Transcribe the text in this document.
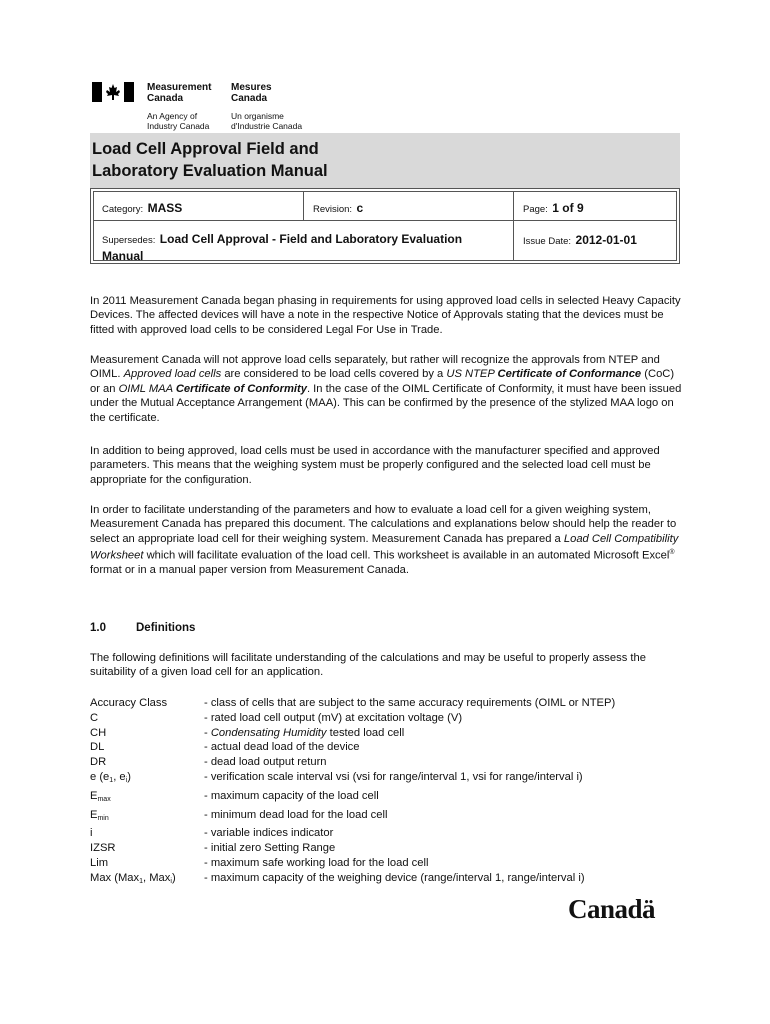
Measurement
Canada
Mesures
Canada
An Agency of
Industry Canada
Un organisme
d'Industrie Canada
Load Cell Approval Field and
Laboratory Evaluation Manual
Category: MASS	Revision: c	Page: 1 of 9
Supersedes: Load Cell Approval - Field and Laboratory Evaluation
Manual
Issue Date: 2012-01-01

In 2011 Measurement Canada began phasing in requirements for using approved load cells in selected Heavy Capacity Devices. The affected devices will have a note in the respective Notice of Approvals stating that the devices must be fitted with approved load cells to be considered Legal For Use in Trade.

Measurement Canada will not approve load cells separately, but rather will recognize the approvals from NTEP and OIML. Approved load cells are considered to be load cells covered by a US NTEP Certificate of Conformance (CoC) or an OIML MAA Certificate of Conformity. In the case of the OIML Certificate of Conformity, it must have been issued under the Mutual Acceptance Arrangement (MAA). This can be confirmed by the presence of the stylized MAA logo on the certificate.

In addition to being approved, load cells must be used in accordance with the manufacturer specified and approved parameters. This means that the weighing system must be properly configured and the selected load cell must be appropriate for the configuration.

In order to facilitate understanding of the parameters and how to evaluate a load cell for a given weighing system, Measurement Canada has prepared this document. The calculations and explanations below should help the reader to select an appropriate load cell for their weighing system. Measurement Canada has prepared a Load Cell Compatibility Worksheet which will facilitate evaluation of the load cell. This worksheet is available in an automated Microsoft Excel® format or in a manual paper version from Measurement Canada.

1.0	Definitions

The following definitions will facilitate understanding of the calculations and may be useful to properly assess the suitability of a given load cell for an application.

Accuracy Class	- class of cells that are subject to the same accuracy requirements (OIML or NTEP)
C	- rated load cell output (mV) at excitation voltage (V)
CH	- Condensating Humidity tested load cell
DL	- actual dead load of the device
DR	- dead load output return
e ($e_1$, $e_i$)	- verification scale interval vsi (vsi for range/interval 1, vsi for range/interval i)
$E_{max}$	- maximum capacity of the load cell
$E_{min}$	- minimum dead load for the load cell
i	- variable indices indicator
IZSR	- initial zero Setting Range
Lim	- maximum safe working load for the load cell
Max (Max$_1$, Max$_i$)	- maximum capacity of the weighing device (range/interval 1, range/interval i)
Canadä
